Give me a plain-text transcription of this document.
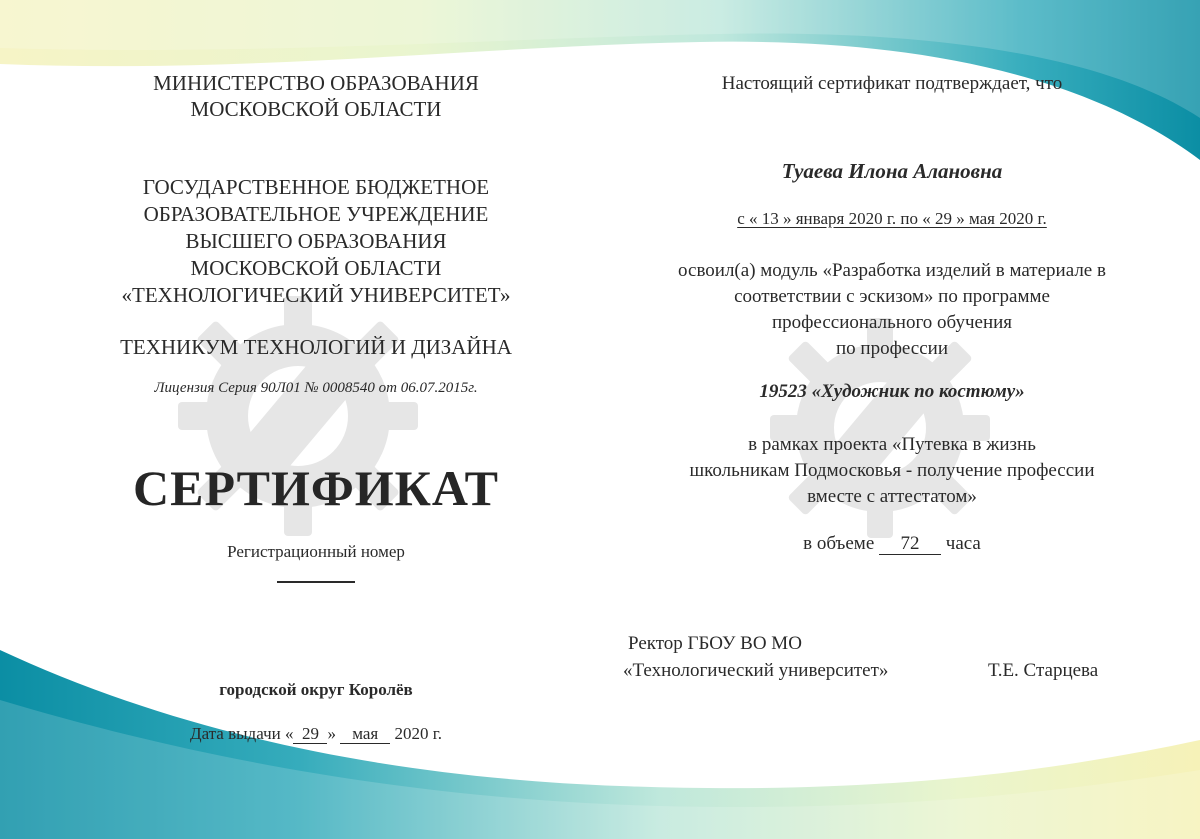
МИНИСТЕРСТВО ОБРАЗОВАНИЯ
МОСКОВСКОЙ ОБЛАСТИ
ГОСУДАРСТВЕННОЕ БЮДЖЕТНОЕ
ОБРАЗОВАТЕЛЬНОЕ УЧРЕЖДЕНИЕ
ВЫСШЕГО ОБРАЗОВАНИЯ
МОСКОВСКОЙ ОБЛАСТИ
«ТЕХНОЛОГИЧЕСКИЙ УНИВЕРСИТЕТ»
ТЕХНИКУМ ТЕХНОЛОГИЙ И ДИЗАЙНА
Лицензия Серия 90Л01 № 0008540 от 06.07.2015г.
СЕРТИФИКАТ
Регистрационный номер
городской округ Королёв
Дата выдачи « 29 » мая 2020 г.
Настоящий сертификат подтверждает, что
Туаева Илона Алановна
с « 13 » января 2020 г. по « 29 » мая 2020 г.
освоил(а) модуль «Разработка изделий в материале в
соответствии с эскизом» по программе
профессионального обучения
по профессии
19523 «Художник по костюму»
в рамках проекта «Путевка в жизнь
школьникам Подмосковья - получение профессии
вместе с аттестатом»
в объеме 72 часа
Ректор ГБОУ ВО МО
«Технологический университет»	Т.Е. Старцева
